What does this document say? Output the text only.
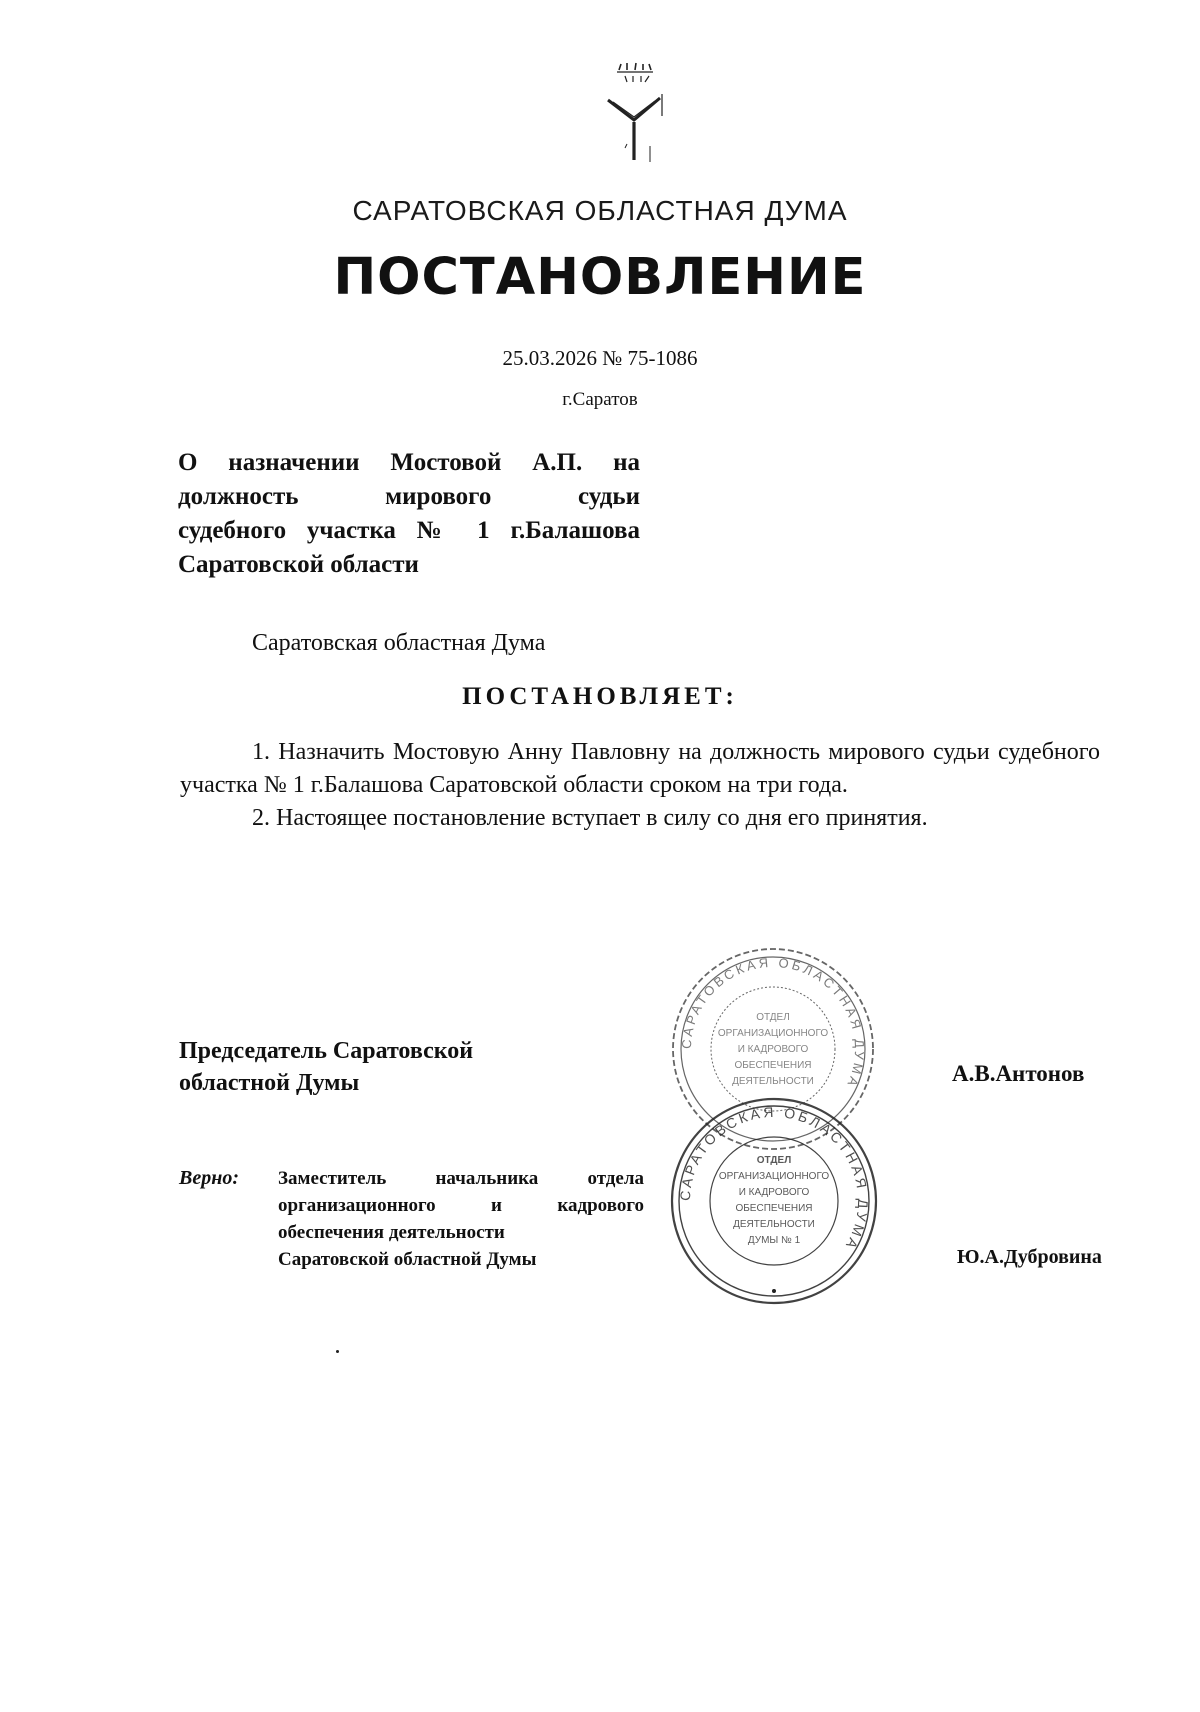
САРАТОВСКАЯ ОБЛАСТНАЯ ДУМА
ПОСТАНОВЛЕНИЕ
25.03.2026 № 75-1086
г.Саратов
О назначении Мостовой А.П. на
должность мирового судьи
судебного участка № 1 г.Балашова
Саратовской области
Саратовская областная Дума
ПОСТАНОВЛЯЕТ:
1. Назначить Мостовую Анну Павловну на должность мирового судьи судебного участка № 1 г.Балашова Саратовской области сроком на три года.
2. Настоящее постановление вступает в силу со дня его принятия.
САРАТОВСКАЯ ОБЛАСТНАЯ ДУМА
ОТДЕЛ
ОРГАНИЗАЦИОННОГО
И КАДРОВОГО
ОБЕСПЕЧЕНИЯ
ДЕЯТЕЛЬНОСТИ
САРАТОВСКАЯ ОБЛАСТНАЯ ДУМА
ОТДЕЛ
ОРГАНИЗАЦИОННОГО
И КАДРОВОГО
ОБЕСПЕЧЕНИЯ
ДЕЯТЕЛЬНОСТИ
ДУМЫ № 1
Председатель Саратовской
областной Думы	А.В.Антонов
Верно: Заместитель начальника отдела
организационного и кадрового
обеспечения деятельности
Саратовской областной Думы	Ю.А.Дубровина
